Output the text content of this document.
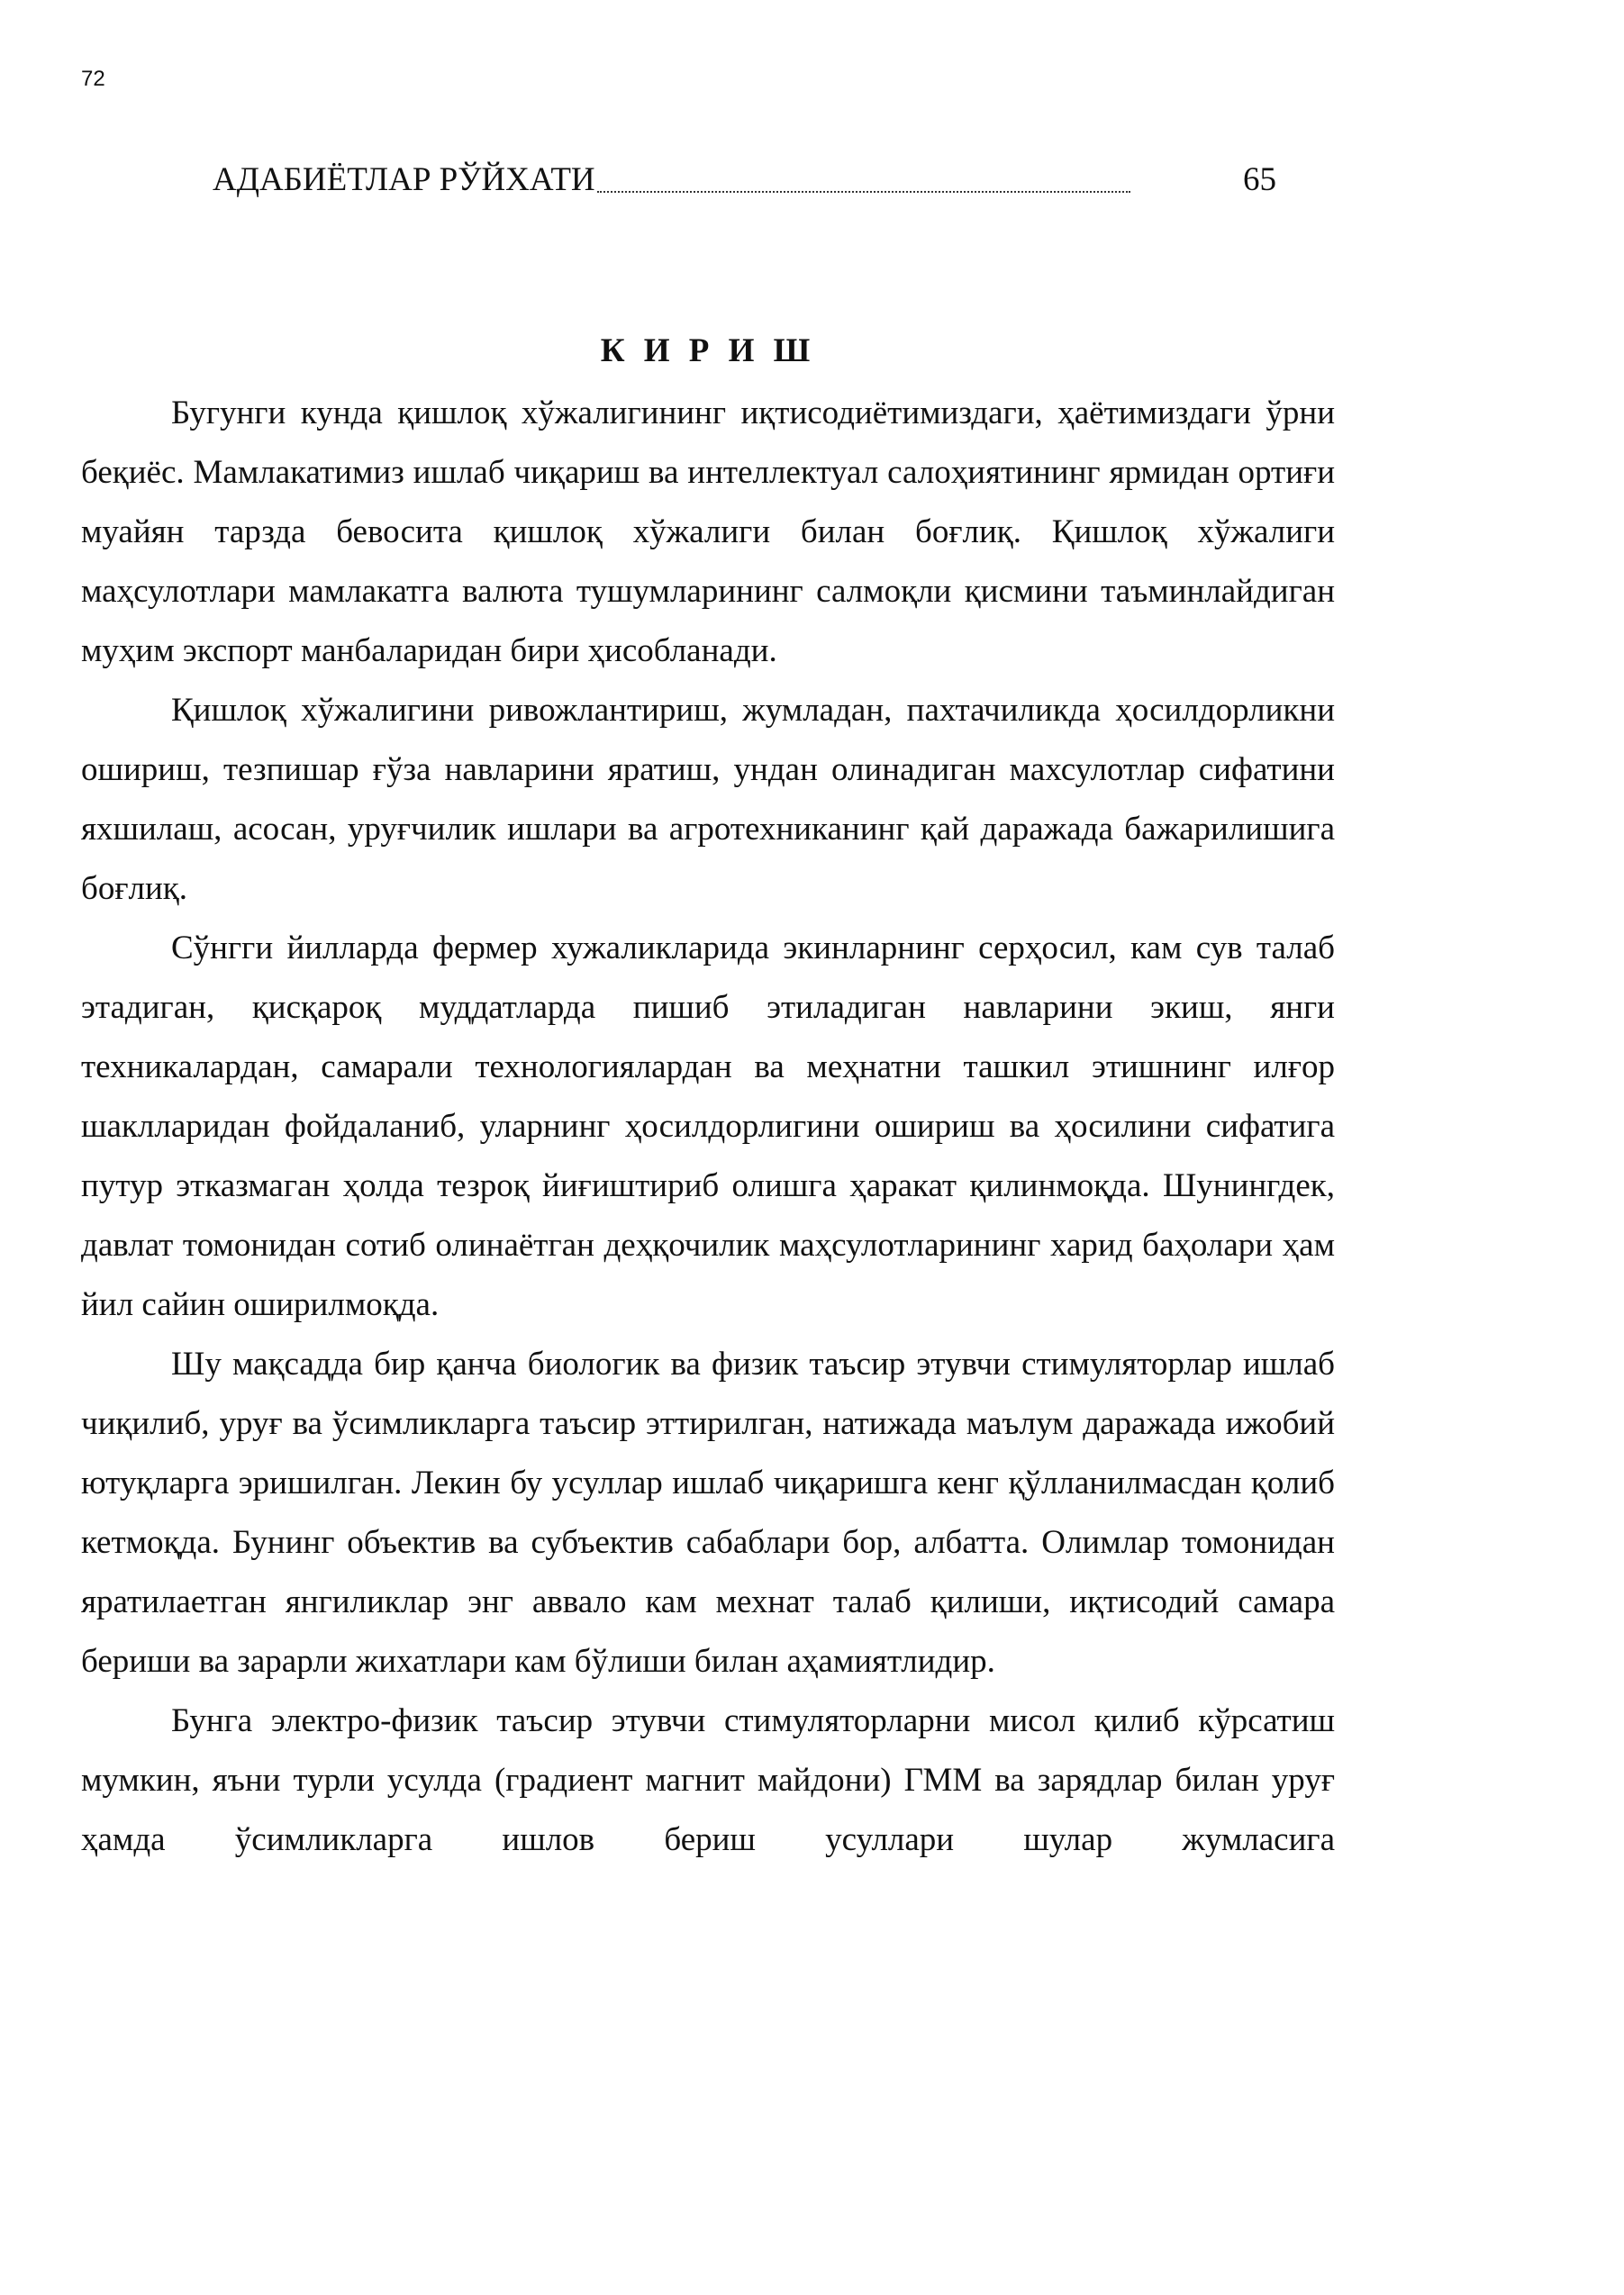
72
АДАБИЁТЛАР РЎЙХАТИ	65
К И Р И Ш

Бугунги кунда қишлоқ хўжалигининг иқтисодиётимиздаги, ҳаётимиздаги ўрни беқиёс. Мамлакатимиз ишлаб чиқариш ва интеллектуал салоҳиятининг ярмидан ортиғи муайян тарзда бевосита қишлоқ хўжалиги билан боғлиқ. Қишлоқ хўжалиги маҳсулотлари мамлакатга валюта тушумларининг салмоқли қисмини таъминлайдиган муҳим экспорт манбаларидан бири ҳисобланади.

Қишлоқ хўжалигини ривожлантириш, жумладан, пахтачиликда ҳосилдорликни ошириш, тезпишар ғўза навларини яратиш, ундан олинадиган махсулотлар сифатини яхшилаш, асосан, уруғчилик ишлари ва агротехниканинг қай даражада бажарилишига боғлиқ.

Сўнгги йилларда фермер хужаликларида экинларнинг серҳосил, кам сув талаб этадиган, қисқароқ муддатларда пишиб этиладиган навларини экиш, янги техникалардан, самарали технологиялардан ва меҳнатни ташкил этишнинг илғор шаклларидан фойдаланиб, уларнинг ҳосилдорлигини ошириш ва ҳосилини сифатига путур этказмаган ҳолда тезроқ йиғиштириб олишга ҳаракат қилинмоқда. Шунингдек, давлат томонидан сотиб олинаётган деҳқочилик маҳсулотларининг харид баҳолари ҳам йил сайин оширилмоқда.

Шу мақсадда бир қанча биологик ва физик таъсир этувчи стимуляторлар ишлаб чиқилиб, уруғ ва ўсимликларга таъсир эттирилган, натижада маълум даражада ижобий ютуқларга эришилган. Лекин бу усуллар ишлаб чиқаришга кенг қўлланилмасдан қолиб кетмоқда. Бунинг объектив ва субъектив сабаблари бор, албатта. Олимлар томонидан яратилаетган янгиликлар энг аввало кам мехнат талаб қилиши, иқтисодий самара бериши ва зарарли жихатлари кам бўлиши билан аҳамиятлидир.

Бунга электро-физик таъсир этувчи стимуляторларни мисол қилиб кўрсатиш мумкин, яъни турли усулда (градиент магнит майдони) ГММ ва зарядлар билан уруғ ҳамда ўсимликларга ишлов бериш усуллари шулар жумласига
